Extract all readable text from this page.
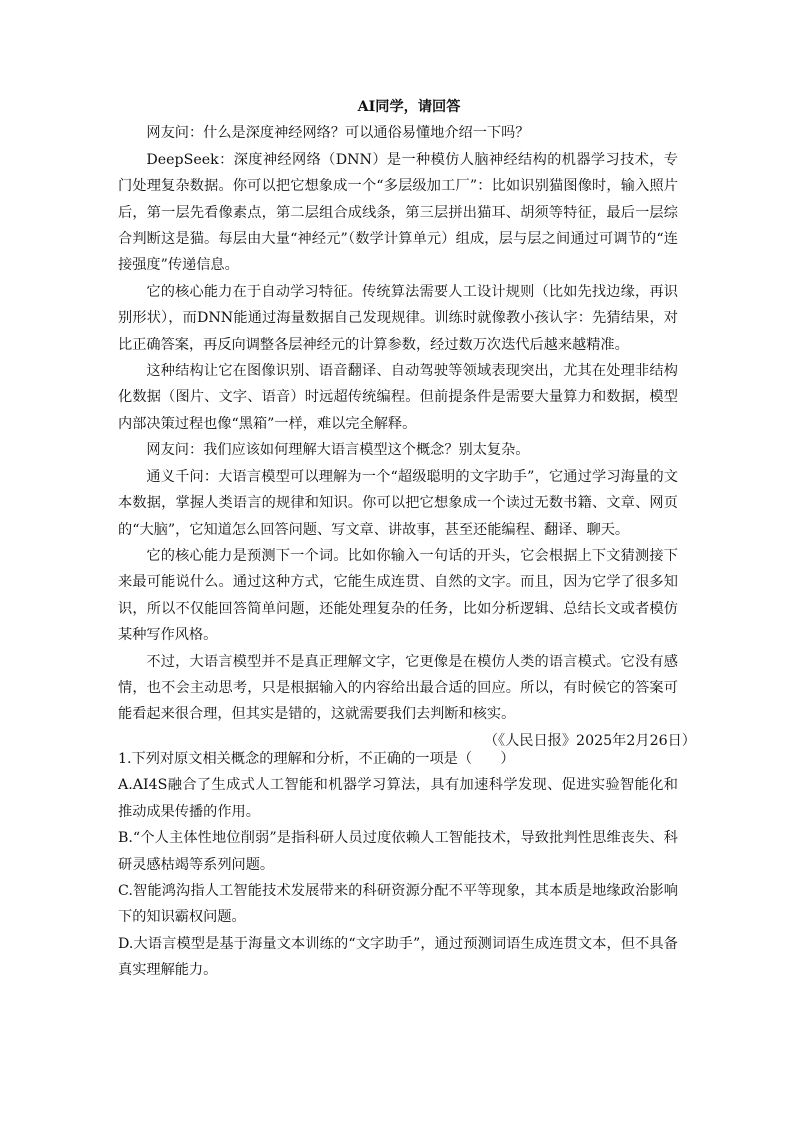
AI同学，请回答

网友问：什么是深度神经网络？可以通俗易懂地介绍一下吗？

DeepSeek：深度神经网络（DNN）是一种模仿人脑神经结构的机器学习技术，专门处理复杂数据。你可以把它想象成一个“多层级加工厂”：比如识别猫图像时，输入照片后，第一层先看像素点，第二层组合成线条，第三层拼出猫耳、胡须等特征，最后一层综合判断这是猫。每层由大量“神经元”（数学计算单元）组成，层与层之间通过可调节的“连接强度”传递信息。

它的核心能力在于自动学习特征。传统算法需要人工设计规则（比如先找边缘，再识别形状），而DNN能通过海量数据自己发现规律。训练时就像教小孩认字：先猜结果，对比正确答案，再反向调整各层神经元的计算参数，经过数万次迭代后越来越精准。

这种结构让它在图像识别、语音翻译、自动驾驶等领域表现突出，尤其在处理非结构化数据（图片、文字、语音）时远超传统编程。但前提条件是需要大量算力和数据，模型内部决策过程也像“黑箱”一样，难以完全解释。

网友问：我们应该如何理解大语言模型这个概念？别太复杂。

通义千问：大语言模型可以理解为一个“超级聪明的文字助手”，它通过学习海量的文本数据，掌握人类语言的规律和知识。你可以把它想象成一个读过无数书籍、文章、网页的“大脑”，它知道怎么回答问题、写文章、讲故事，甚至还能编程、翻译、聊天。

它的核心能力是预测下一个词。比如你输入一句话的开头，它会根据上下文猜测接下来最可能说什么。通过这种方式，它能生成连贯、自然的文字。而且，因为它学了很多知识，所以不仅能回答简单问题，还能处理复杂的任务，比如分析逻辑、总结长文或者模仿某种写作风格。

不过，大语言模型并不是真正理解文字，它更像是在模仿人类的语言模式。它没有感情，也不会主动思考，只是根据输入的内容给出最合适的回应。所以，有时候它的答案可能看起来很合理，但其实是错的，这就需要我们去判断和核实。

（《人民日报》2025年2月26日）

1.下列对原文相关概念的理解和分析，不正确的一项是（　　）

A.AI4S融合了生成式人工智能和机器学习算法，具有加速科学发现、促进实验智能化和推动成果传播的作用。

B.“个人主体性地位削弱”是指科研人员过度依赖人工智能技术，导致批判性思维丧失、科研灵感枯竭等系列问题。

C.智能鸿沟指人工智能技术发展带来的科研资源分配不平等现象，其本质是地缘政治影响下的知识霸权问题。

D.大语言模型是基于海量文本训练的“文字助手”，通过预测词语生成连贯文本，但不具备真实理解能力。
